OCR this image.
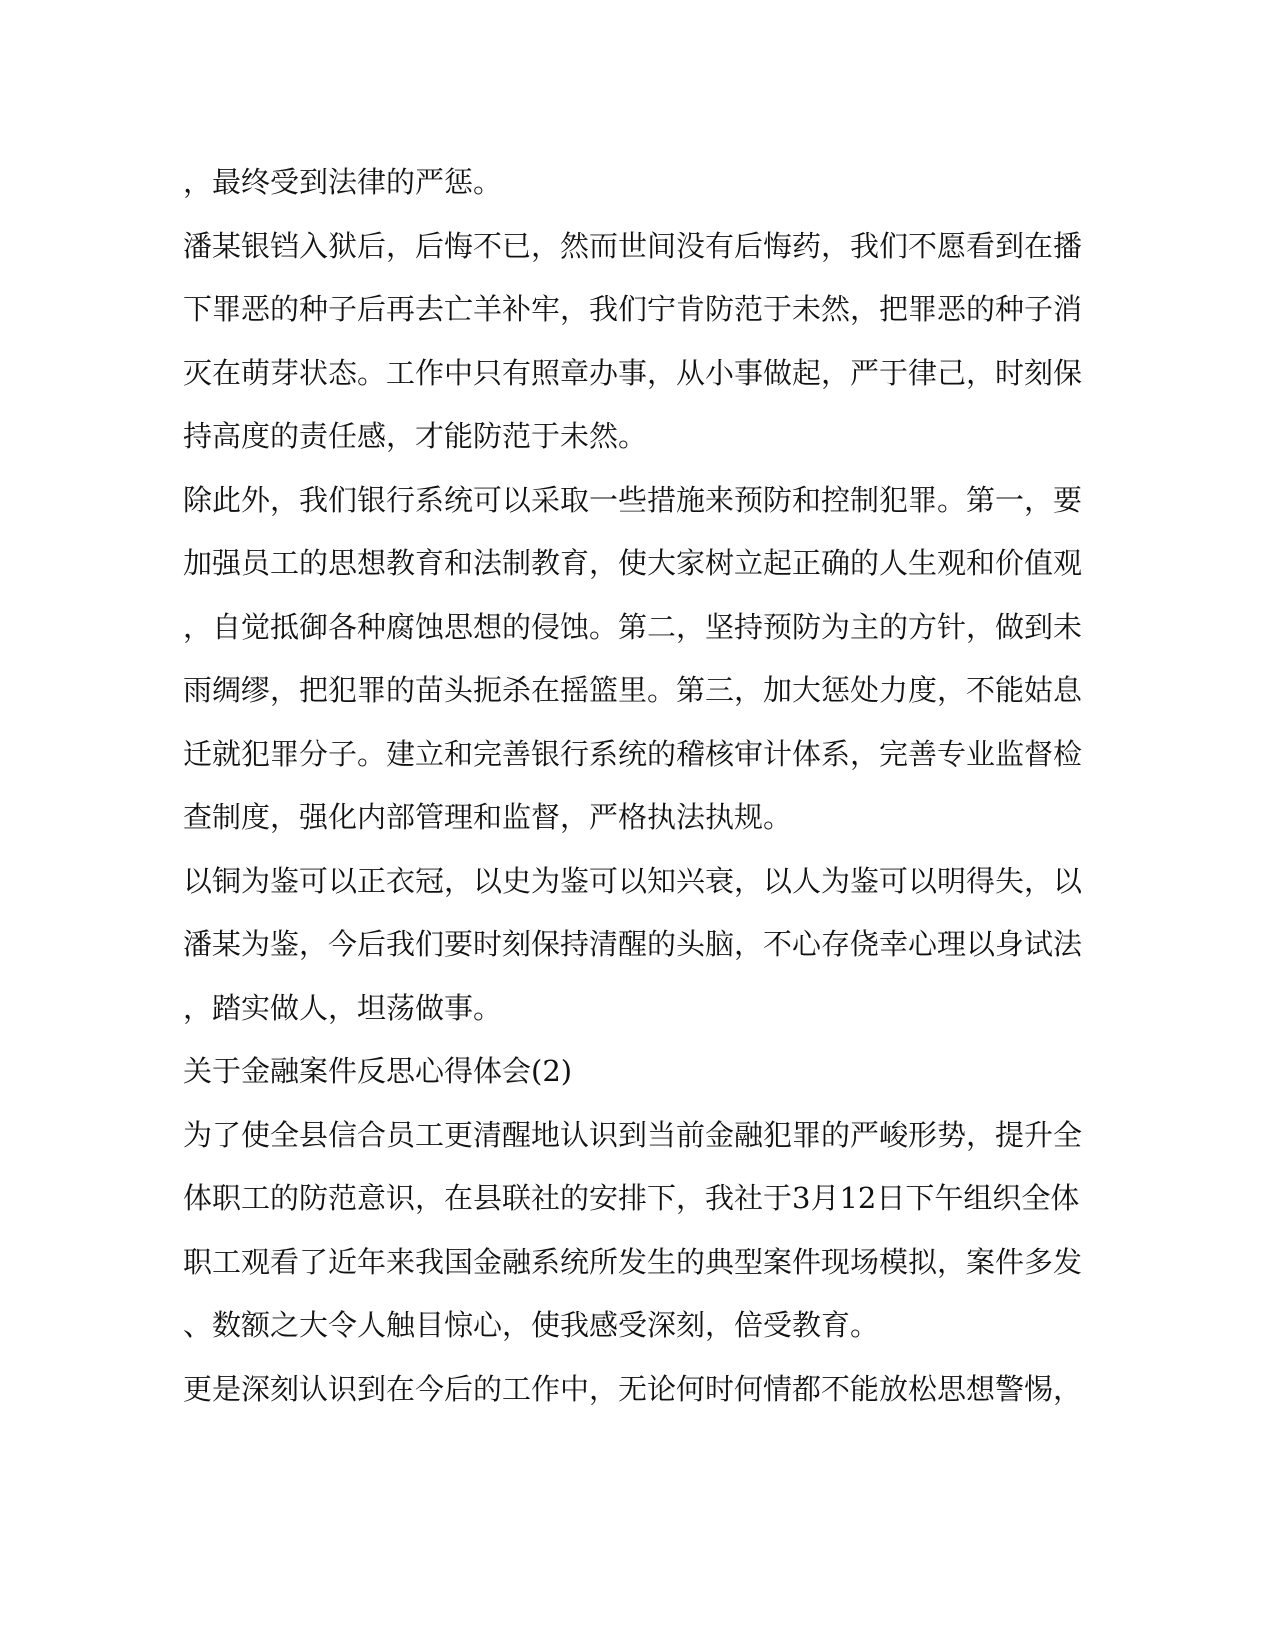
，最终受到法律的严惩。
潘某银铛入狱后，后悔不已，然而世间没有后悔药，我们不愿看到在播
下罪恶的种子后再去亡羊补牢，我们宁肯防范于未然，把罪恶的种子消
灭在萌芽状态。工作中只有照章办事，从小事做起，严于律己，时刻保
持高度的责任感，才能防范于未然。
除此外，我们银行系统可以采取一些措施来预防和控制犯罪。第一，要
加强员工的思想教育和法制教育，使大家树立起正确的人生观和价值观
，自觉抵御各种腐蚀思想的侵蚀。第二，坚持预防为主的方针，做到未
雨绸缪，把犯罪的苗头扼杀在摇篮里。第三，加大惩处力度，不能姑息
迁就犯罪分子。建立和完善银行系统的稽核审计体系，完善专业监督检
查制度，强化内部管理和监督，严格执法执规。
以铜为鉴可以正衣冠，以史为鉴可以知兴衰，以人为鉴可以明得失，以
潘某为鉴，今后我们要时刻保持清醒的头脑，不心存侥幸心理以身试法
，踏实做人，坦荡做事。
关于金融案件反思心得体会(2)
为了使全县信合员工更清醒地认识到当前金融犯罪的严峻形势，提升全
体职工的防范意识，在县联社的安排下，我社于3月12日下午组织全体
职工观看了近年来我国金融系统所发生的典型案件现场模拟，案件多发
、数额之大令人触目惊心，使我感受深刻，倍受教育。
更是深刻认识到在今后的工作中，无论何时何情都不能放松思想警惕，
